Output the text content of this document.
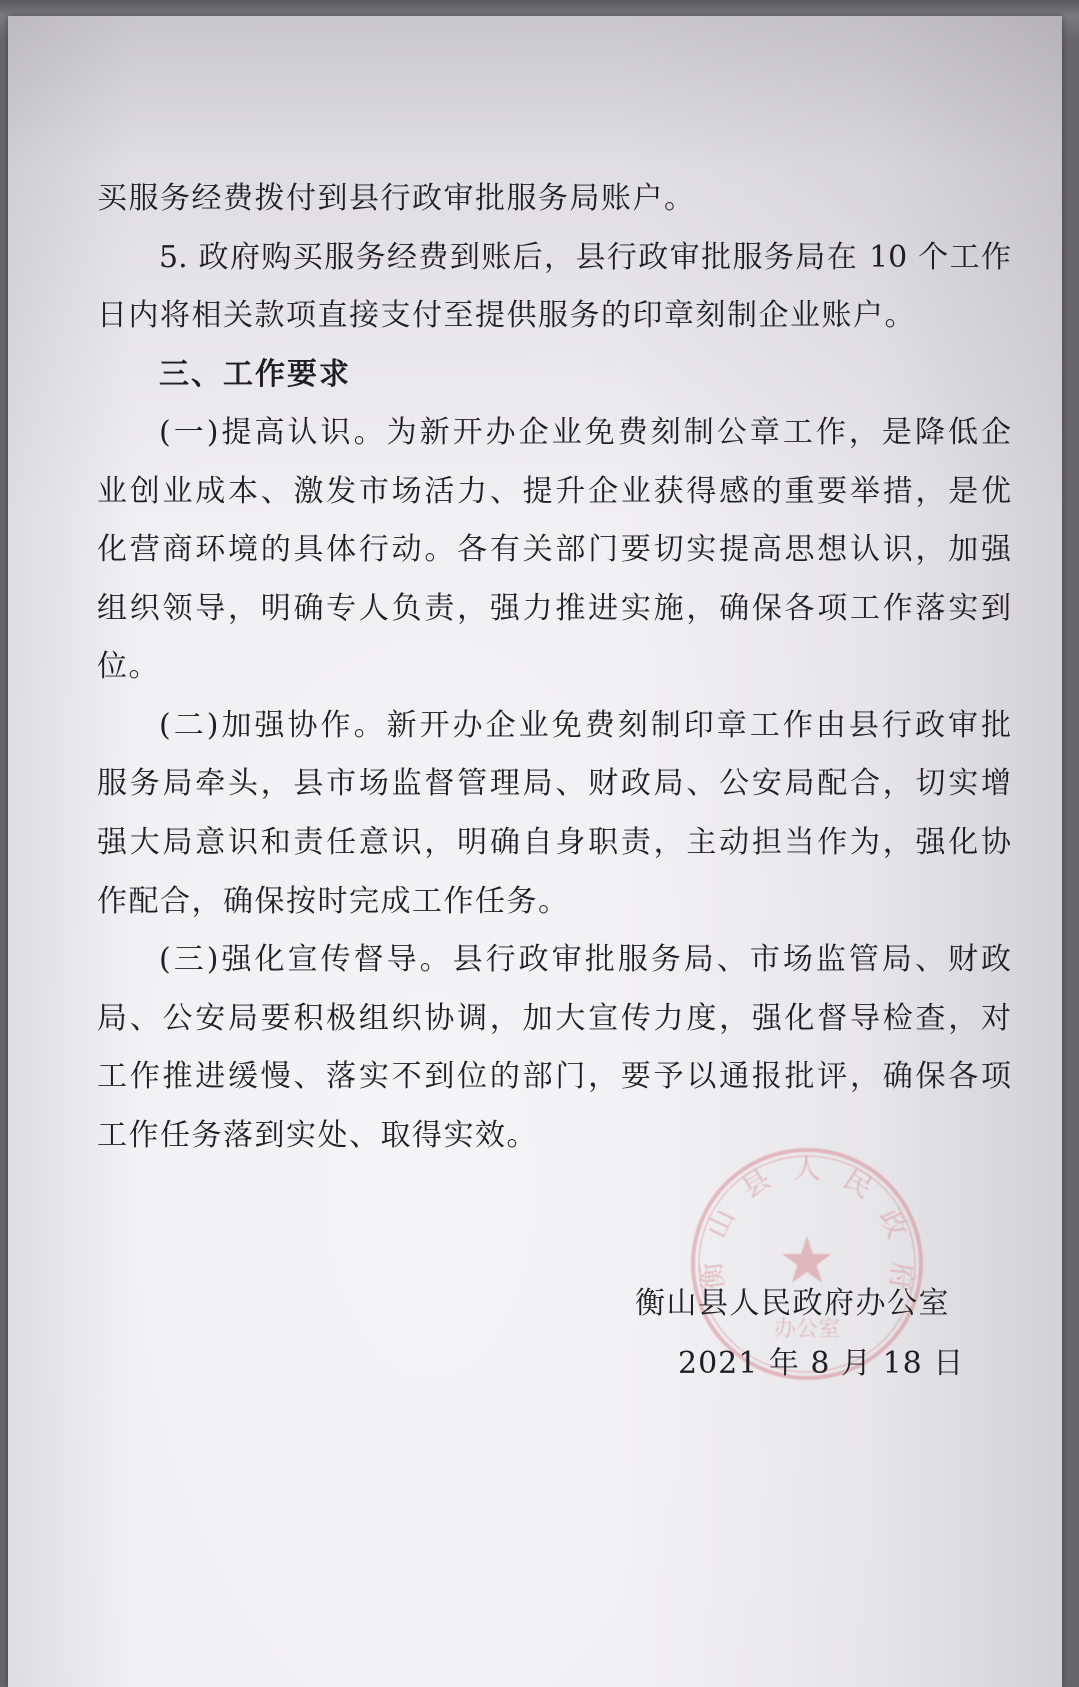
衡山县人民政府
办公室
买服务经费拨付到县行政审批服务局账户。
5. 政府购买服务经费到账后，县行政审批服务局在 10 个工作
日内将相关款项直接支付至提供服务的印章刻制企业账户。
三、工作要求
(一)提高认识。为新开办企业免费刻制公章工作，是降低企
业创业成本、激发市场活力、提升企业获得感的重要举措，是优
化营商环境的具体行动。各有关部门要切实提高思想认识，加强
组织领导，明确专人负责，强力推进实施，确保各项工作落实到
位。
(二)加强协作。新开办企业免费刻制印章工作由县行政审批
服务局牵头，县市场监督管理局、财政局、公安局配合，切实增
强大局意识和责任意识，明确自身职责，主动担当作为，强化协
作配合，确保按时完成工作任务。
(三)强化宣传督导。县行政审批服务局、市场监管局、财政
局、公安局要积极组织协调，加大宣传力度，强化督导检查，对
工作推进缓慢、落实不到位的部门，要予以通报批评，确保各项
工作任务落到实处、取得实效。
衡山县人民政府办公室
2021 年 8 月 18 日
